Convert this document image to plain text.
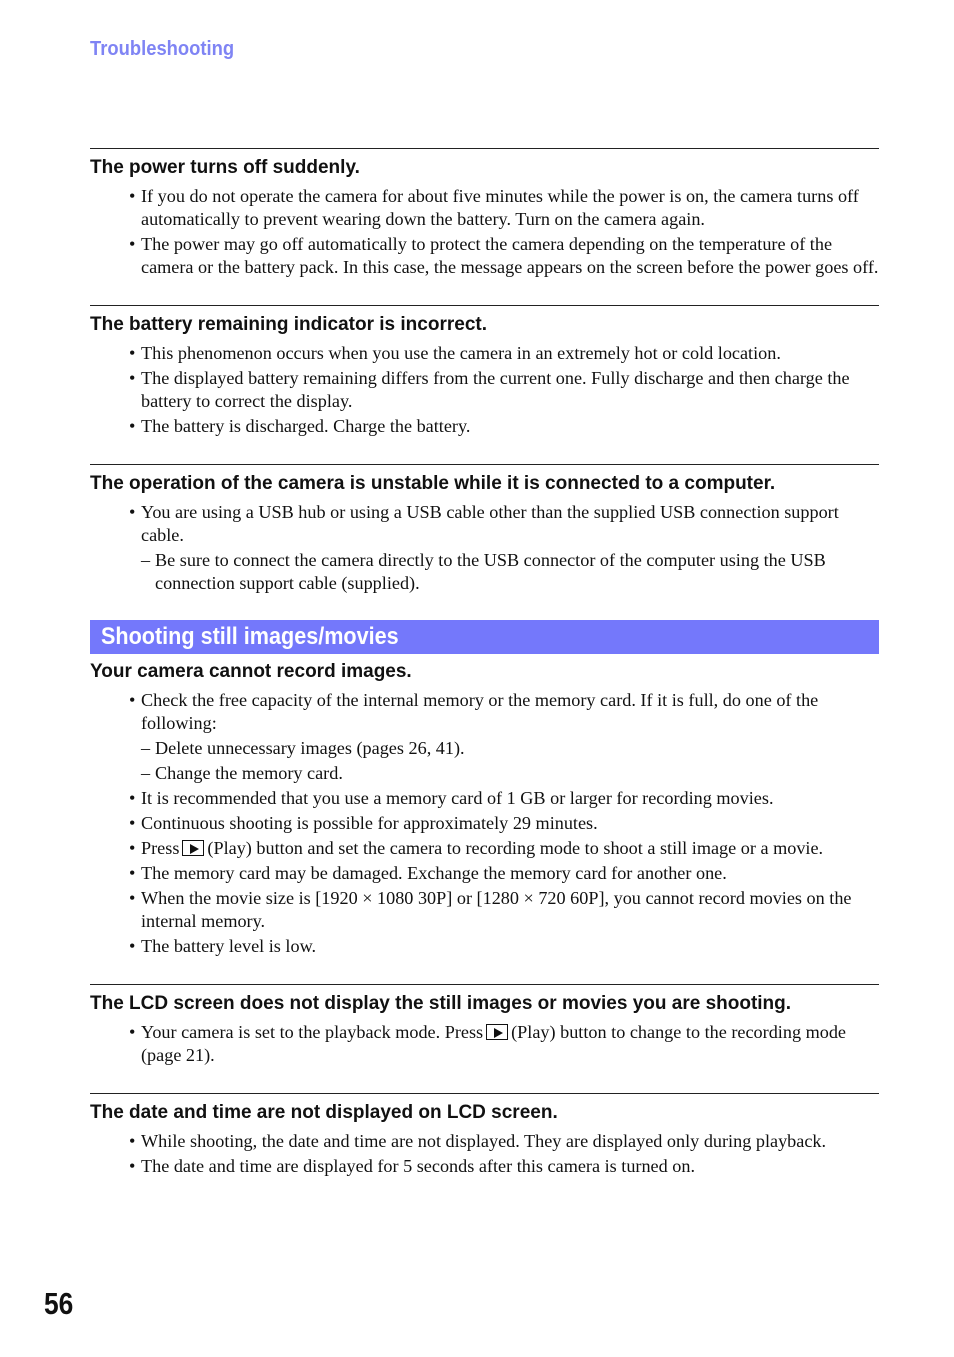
Troubleshooting
The power turns off suddenly.
• If you do not operate the camera for about five minutes while the power is on, the camera turns off automatically to prevent wearing down the battery. Turn on the camera again.
• The power may go off automatically to protect the camera depending on the temperature of the camera or the battery pack. In this case, the message appears on the screen before the power goes off.
The battery remaining indicator is incorrect.
• This phenomenon occurs when you use the camera in an extremely hot or cold location.
• The displayed battery remaining differs from the current one. Fully discharge and then charge the battery to correct the display.
• The battery is discharged. Charge the battery.
The operation of the camera is unstable while it is connected to a computer.
• You are using a USB hub or using a USB cable other than the supplied USB connection support cable.
– Be sure to connect the camera directly to the USB connector of the computer using the USB connection support cable (supplied).
Shooting still images/movies
Your camera cannot record images.
• Check the free capacity of the internal memory or the memory card. If it is full, do one of the following:
– Delete unnecessary images (pages 26, 41).
– Change the memory card.
• It is recommended that you use a memory card of 1 GB or larger for recording movies.
• Continuous shooting is possible for approximately 29 minutes.
• Press (Play) button and set the camera to recording mode to shoot a still image or a movie.
• The memory card may be damaged. Exchange the memory card for another one.
• When the movie size is [1920 × 1080 30P] or [1280 × 720 60P], you cannot record movies on the internal memory.
• The battery level is low.
The LCD screen does not display the still images or movies you are shooting.
• Your camera is set to the playback mode. Press (Play) button to change to the recording mode (page 21).
The date and time are not displayed on LCD screen.
• While shooting, the date and time are not displayed. They are displayed only during playback.
• The date and time are displayed for 5 seconds after this camera is turned on.
56
